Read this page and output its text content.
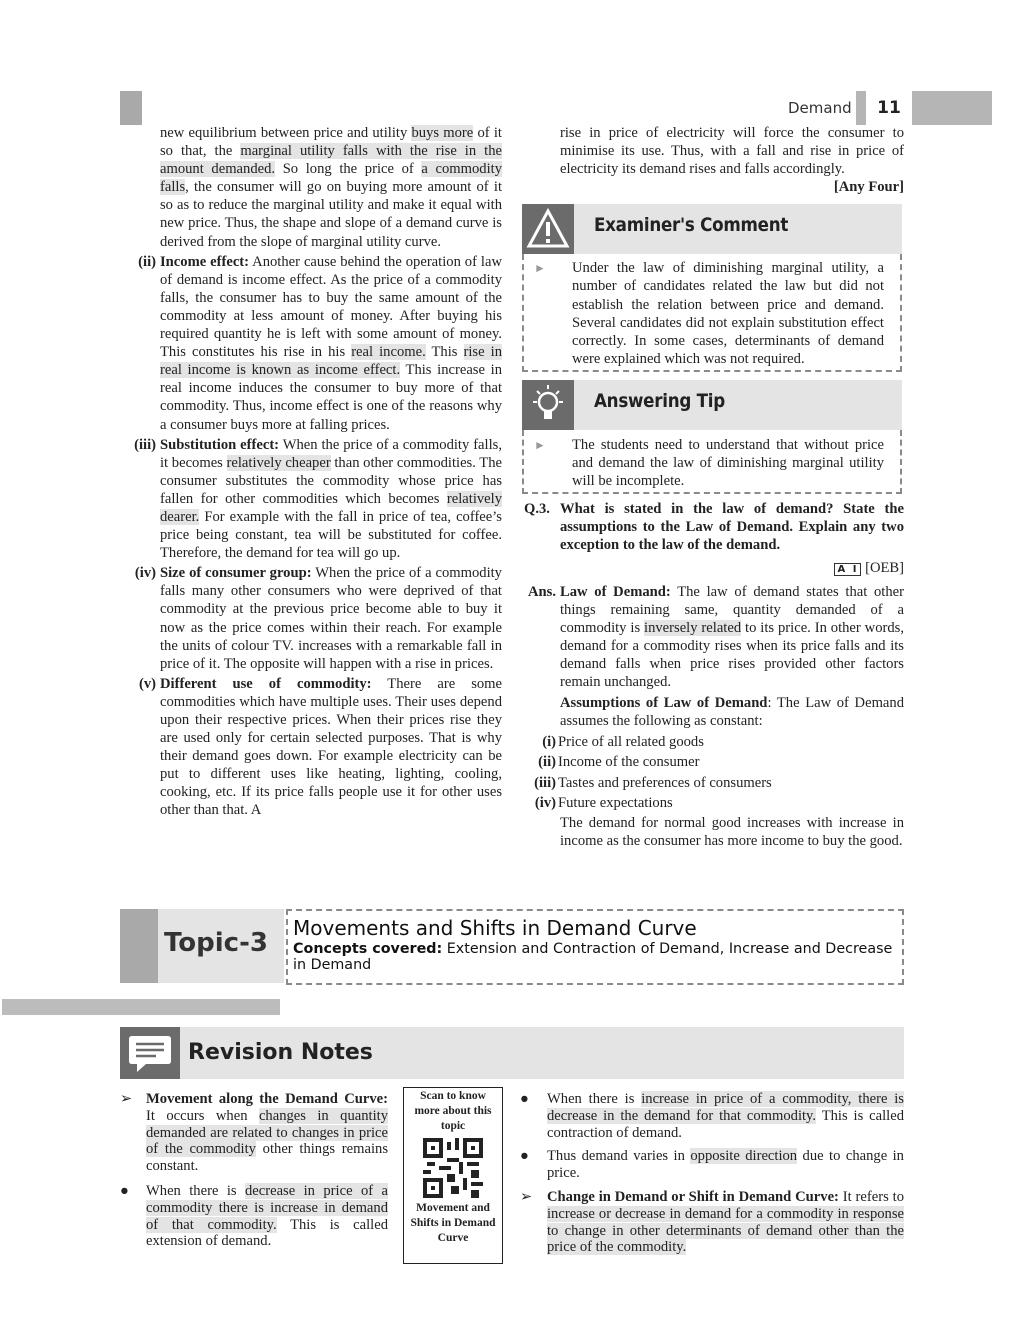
Demand	11

new equilibrium between price and utility buys more of it so that, the marginal utility falls with the rise in the amount demanded. So long the price of a commodity falls, the consumer will go on buying more amount of it so as to reduce the marginal utility and make it equal with new price. Thus, the shape and slope of a demand curve is derived from the slope of marginal utility curve.

(ii) Income effect: Another cause behind the operation of law of demand is income effect. As the price of a commodity falls, the consumer has to buy the same amount of the commodity at less amount of money. After buying his required quantity he is left with some amount of money. This constitutes his rise in his real income. This rise in real income is known as income effect. This increase in real income induces the consumer to buy more of that commodity. Thus, income effect is one of the reasons why a consumer buys more at falling prices.
(iii) Substitution effect: When the price of a commodity falls, it becomes relatively cheaper than other commodities. The consumer substitutes the commodity whose price has fallen for other commodities which becomes relatively dearer. For example with the fall in price of tea, coffee’s price being constant, tea will be substituted for coffee. Therefore, the demand for tea will go up.
(iv) Size of consumer group: When the price of a commodity falls many other consumers who were deprived of that commodity at the previous price become able to buy it now as the price comes within their reach. For example the units of colour TV. increases with a remarkable fall in price of it. The opposite will happen with a rise in prices.
(v) Different use of commodity: There are some commodities which have multiple uses. Their uses depend upon their respective prices. When their prices rise they are used only for certain selected purposes. That is why their demand goes down. For example electricity can be put to different uses like heating, lighting, cooling, cooking, etc. If its price falls people use it for other uses other than that. A

rise in price of electricity will force the consumer to minimise its use. Thus, with a fall and rise in price of electricity its demand rises and falls accordingly.

[Any Four]

Examiner's Comment
► Under the law of diminishing marginal utility, a number of candidates related the law but did not establish the relation between price and demand. Several candidates did not explain substitution effect correctly. In some cases, determinants of demand were explained which was not required.

Answering Tip
► The students need to understand that without price and demand the law of diminishing marginal utility will be incomplete.

Q.3. What is stated in the law of demand? State the assumptions to the Law of Demand. Explain any two exception to the law of the demand.
A I [OEB]
Ans. Law of Demand: The law of demand states that other things remaining same, quantity demanded of a commodity is inversely related to its price. In other words, demand for a commodity rises when its price falls and its demand falls when price rises provided other factors remain unchanged.
Assumptions of Law of Demand: The Law of Demand assumes the following as constant:
(i) Price of all related goods
(ii) Income of the consumer
(iii) Tastes and preferences of consumers
(iv) Future expectations

The demand for normal good increases with increase in income as the consumer has more income to buy the good.

Topic-3 Movements and Shifts in Demand Curve
Concepts covered: Extension and Contraction of Demand, Increase and Decrease in Demand
Revision Notes
➢ Movement along the Demand Curve: It occurs when changes in quantity demanded are related to changes in price of the commodity other things remains constant.
● When there is decrease in price of a commodity there is increase in demand of that commodity. This is called extension of demand.
Scan to know more about this topic
Movement and Shifts in Demand Curve
● When there is increase in price of a commodity, there is decrease in the demand for that commodity. This is called contraction of demand.
● Thus demand varies in opposite direction due to change in price.
➢ Change in Demand or Shift in Demand Curve: It refers to increase or decrease in demand for a commodity in response to change in other determinants of demand other than the price of the commodity.
